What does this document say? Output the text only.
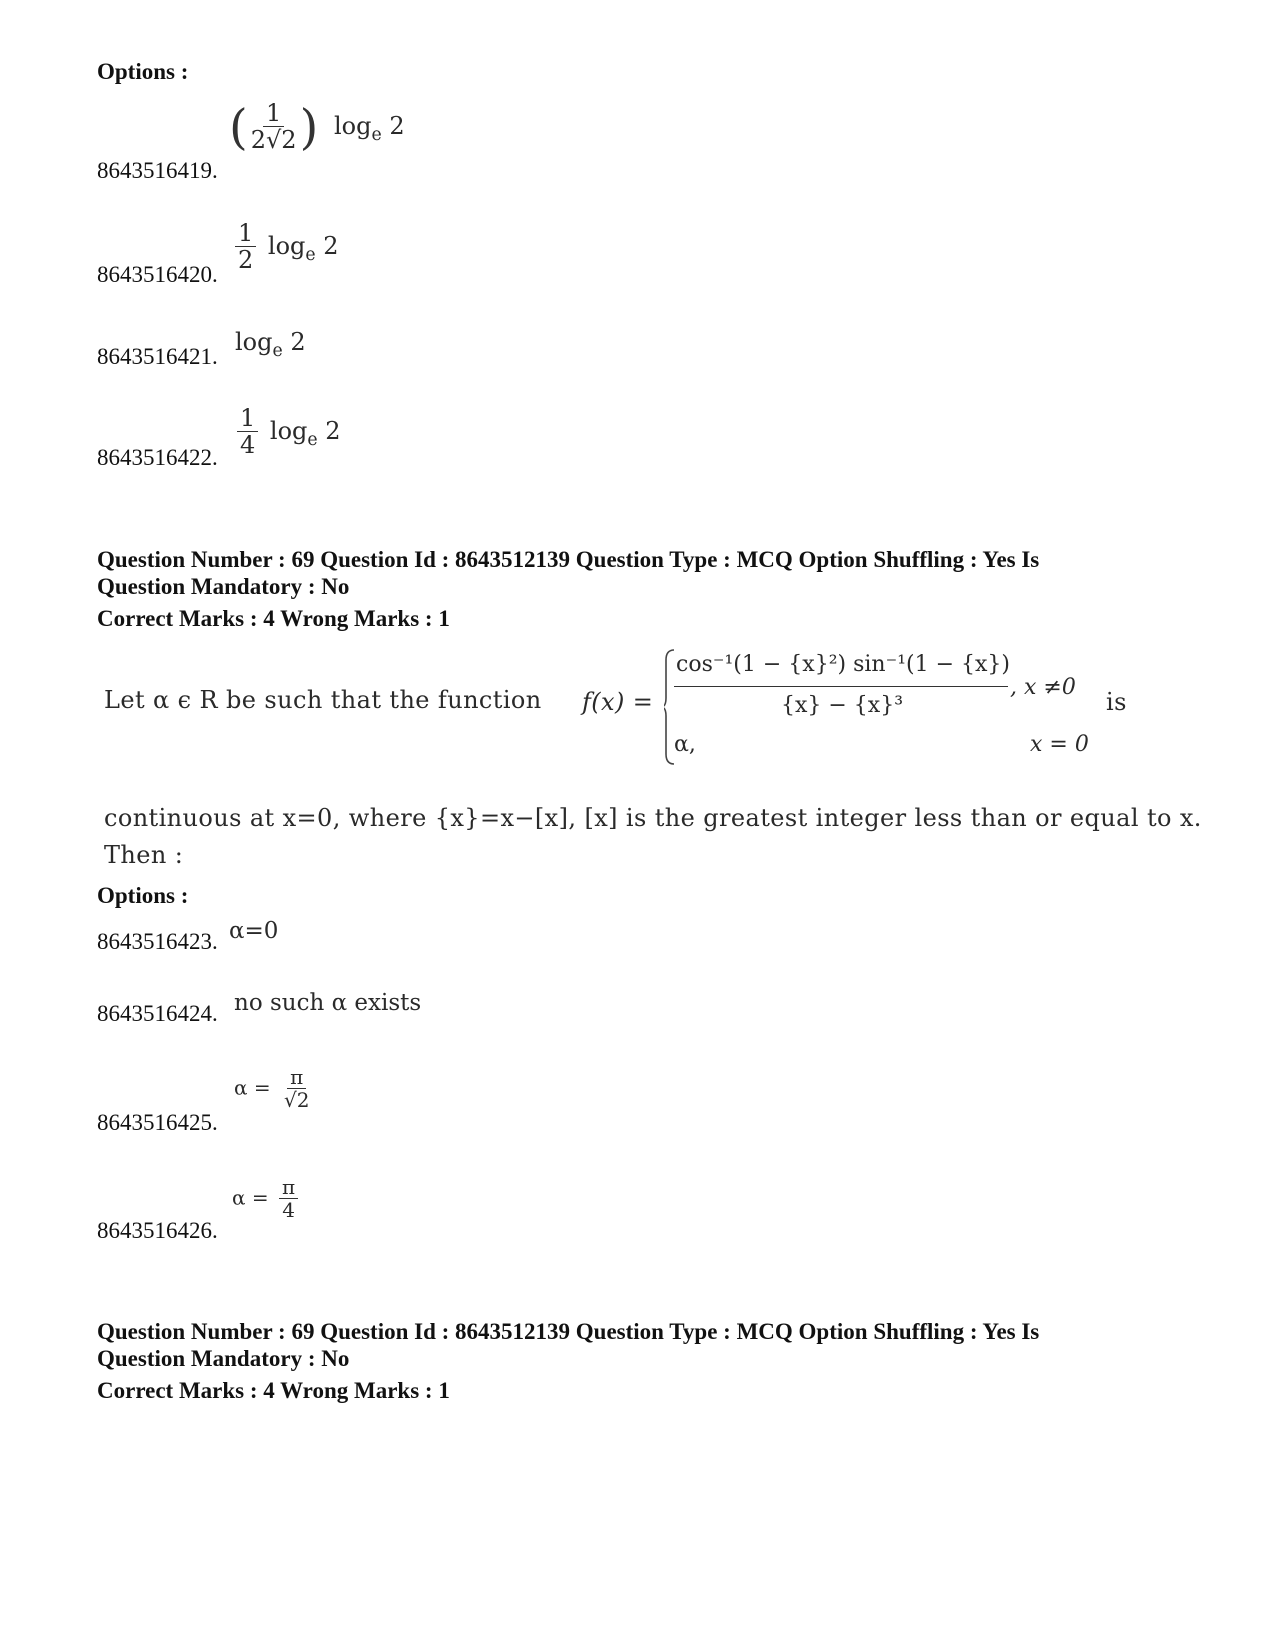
Options :
8643516419.
( $\frac{1}{2√2}$ ) $\log_e 2$
8643516420. $\frac{1}{2} \log_e 2$
8643516421.
$\log_e 2$
8643516422. $\frac{1}{4} \log_e 2$
Question Number : 69 Question Id : 8643512139 Question Type : MCQ Option Shuffling : Yes Is
Question Mandatory : No
Correct Marks : 4 Wrong Marks : 1
Let α ϵ R be such that the function f(x) =
cos⁻¹(1 − {x}²) sin⁻¹(1 − {x})
{x} − {x}³
, x ≠0
α,	x = 0
is
continuous at x=0, where {x}=x−[x], [x] is the greatest integer less than or equal to x.
Then :
Options :
8643516423. α=0
8643516424. no such α exists
8643516425.
$\alpha = \frac{\pi}{√2}$
8643516426.
$\alpha = \frac{\pi}{4}$
Question Number : 69 Question Id : 8643512139 Question Type : MCQ Option Shuffling : Yes Is
Question Mandatory : No
Correct Marks : 4 Wrong Marks : 1
